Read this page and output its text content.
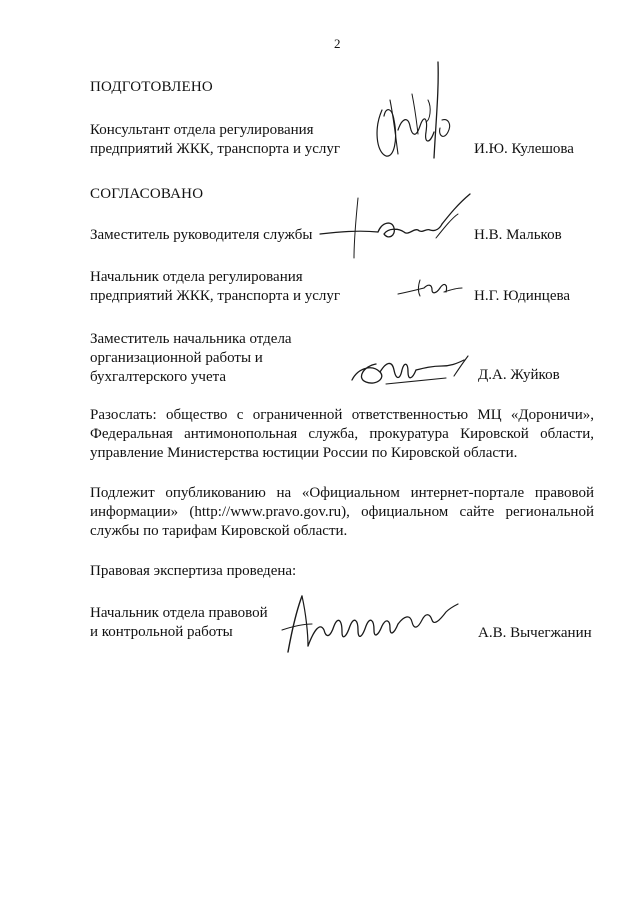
2
ПОДГОТОВЛЕНО
Консультант отдела регулирования
предприятий ЖКК, транспорта и услуг	И.Ю. Кулешова
СОГЛАСОВАНО
Заместитель руководителя службы	Н.В. Мальков
Начальник отдела регулирования
предприятий ЖКК, транспорта и услуг	Н.Г. Юдинцева
Заместитель начальника отдела
организационной работы и
бухгалтерского учета	Д.А. Жуйков
Разослать: общество с ограниченной ответственностью МЦ «Дороничи», Федеральная антимонопольная служба, прокуратура Кировской области, управление Министерства юстиции России по Кировской области.
Подлежит опубликованию на «Официальном интернет-портале правовой информации» (http://www.pravo.gov.ru), официальном сайте региональной службы по тарифам Кировской области.
Правовая экспертиза проведена:
Начальник отдела правовой
и контрольной работы	А.В. Вычегжанин
